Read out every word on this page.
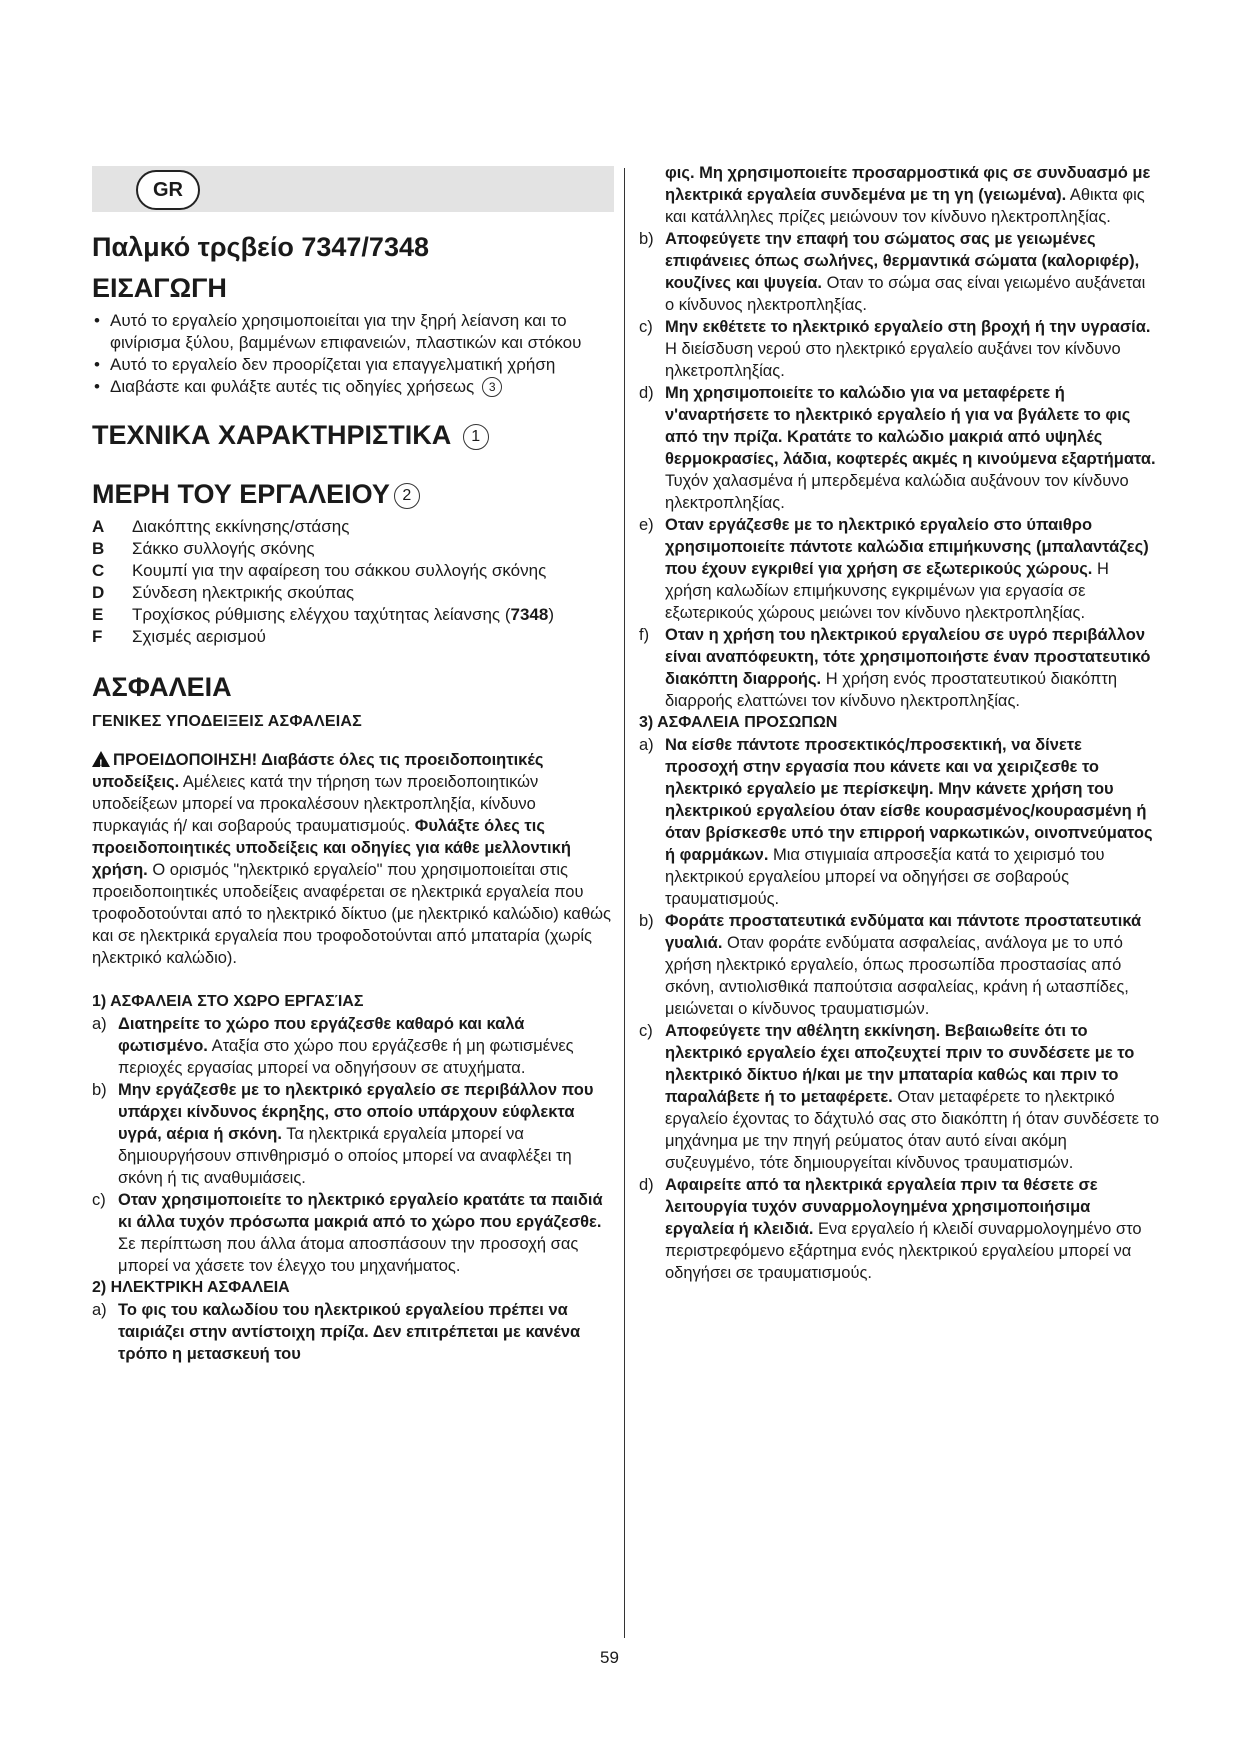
GR
Παλμκό τρςβείο 7347/7348
ΕΙΣΑΓΩΓΗ
• Αυτό το εργαλείο χρησιμοποιείται για την ξηρή λείανση και το φινίρισμα ξύλου, βαμμένων επιφανειών, πλαστικών και στόκου
• Αυτό το εργαλείο δεν προορίζεται για επαγγελματική χρήση
• Διαβάστε και φυλάξτε αυτές τις οδηγίες χρήσεως 3
ΤΕΧΝΙΚΑ ΧΑΡΑΚΤΗΡΙΣΤΙΚΑ 1
ΜΕΡΗ ΤΟΥ ΕΡΓΑΛΕΙΟΥ 2
A	Διακόπτης εκκίνησης/στάσης
B	Σάκκο συλλογής σκόνης
C	Κουμπί για την αφαίρεση του σάκκου συλλογής σκόνης
D	Σύνδεση ηλεκτρικής σκούπας
E	Τροχίσκος ρύθμισης ελέγχου ταχύτητας λείανσης (7348)
F	Σχισμές αερισμού
ΑΣΦΑΛΕΙΑ
ΓΕΝΙΚΕΣ ΥΠΟΔΕΙΞΕΙΣ ΑΣΦΑΛΕΙΑΣ

! ΠΡΟΕΙΔΟΠΟΙΗΣΗ! Διαβάστε όλες τις προειδοποιητικές υποδείξεις. Αμέλειες κατά την τήρηση των προειδοποιητικών υποδείξεων μπορεί να προκαλέσουν ηλεκτροπληξία, κίνδυνο πυρκαγιάς ή/ και σοβαρούς τραυματισμούς. Φυλάξτε όλες τις προειδοποιητικές υποδείξεις και οδηγίες για κάθε μελλοντική χρήση. Ο ορισμός "ηλεκτρικό εργαλείο" που χρησιμοποιείται στις προειδοποιητικές υποδείξεις αναφέρεται σε ηλεκτρικά εργαλεία που τροφοδοτούνται από το ηλεκτρικό δίκτυο (με ηλεκτρικό καλώδιο) καθώς και σε ηλεκτρικά εργαλεία που τροφοδοτούνται από μπαταρία (χωρίς ηλεκτρικό καλώδιο).

1) ΑΣΦΑΛΕΙΑ ΣΤΟ ΧΩΡΟ ΕΡΓΑΣΊΑΣ
a) Διατηρείτε το χώρο που εργάζεσθε καθαρό και καλά φωτισμένο. Αταξία στο χώρο που εργάζεσθε ή μη φωτισμένες περιοχές εργασίας μπορεί να οδηγήσουν σε ατυχήματα.
b) Μην εργάζεσθε με το ηλεκτρικό εργαλείο σε περιβάλλον που υπάρχει κίνδυνος έκρηξης, στο οποίο υπάρχουν εύφλεκτα υγρά, αέρια ή σκόνη. Τα ηλεκτρικά εργαλεία μπορεί να δημιουργήσουν σπινθηρισμό ο οποίος μπορεί να αναφλέξει τη σκόνη ή τις αναθυμιάσεις.
c) Οταν χρησιμοποιείτε το ηλεκτρικό εργαλείο κρατάτε τα παιδιά κι άλλα τυχόν πρόσωπα μακριά από το χώρο που εργάζεσθε. Σε περίπτωση που άλλα άτομα αποσπάσουν την προσοχή σας μπορεί να χάσετε τον έλεγχο του μηχανήματος.
2) ΗΛΕΚΤΡΙΚΗ ΑΣΦΑΛΕΙΑ
a) Το φις του καλωδίου του ηλεκτρικού εργαλείου πρέπει να ταιριάζει στην αντίστοιχη πρίζα. Δεν επιτρέπεται με κανένα τρόπο η μετασκευή του
φις. Μη χρησιμοποιείτε προσαρμοστικά φις σε συνδυασμό με ηλεκτρικά εργαλεία συνδεμένα με τη γη (γειωμένα). Αθικτα φις και κατάλληλες πρίζες μειώνουν τον κίνδυνο ηλεκτροπληξίας.
b) Αποφεύγετε την επαφή του σώματος σας με γειωμένες επιφάνειες όπως σωλήνες, θερμαντικά σώματα (καλοριφέρ), κουζίνες και ψυγεία. Οταν το σώμα σας είναι γειωμένο αυξάνεται ο κίνδυνος ηλεκτροπληξίας.
c) Μην εκθέτετε το ηλεκτρικό εργαλείο στη βροχή ή την υγρασία. Η διείσδυση νερού στο ηλεκτρικό εργαλείο αυξάνει τον κίνδυνο ηλκετροπληξίας.
d) Μη χρησιμοποιείτε το καλώδιο για να μεταφέρετε ή ν'αναρτήσετε το ηλεκτρικό εργαλείο ή για να βγάλετε το φις από την πρίζα. Κρατάτε το καλώδιο μακριά από υψηλές θερμοκρασίες, λάδια, κοφτερές ακμές η κινούμενα εξαρτήματα. Τυχόν χαλασμένα ή μπερδεμένα καλώδια αυξάνουν τον κίνδυνο ηλεκτροπληξίας.
e) Οταν εργάζεσθε με το ηλεκτρικό εργαλείο στο ύπαιθρο χρησιμοποιείτε πάντοτε καλώδια επιμήκυνσης (μπαλαντάζες) που έχουν εγκριθεί για χρήση σε εξωτερικούς χώρους. Η χρήση καλωδίων επιμήκυνσης εγκριμένων για εργασία σε εξωτερικούς χώρους μειώνει τον κίνδυνο ηλεκτροπληξίας.
f) Οταν η χρήση του ηλεκτρικού εργαλείου σε υγρό περιβάλλον είναι αναπόφευκτη, τότε χρησιμοποιήστε έναν προστατευτικό διακόπτη διαρροής. Η χρήση ενός προστατευτικού διακόπτη διαρροής ελαττώνει τον κίνδυνο ηλεκτροπληξίας.
3) ΑΣΦΑΛΕΙΑ ΠΡΟΣΩΠΩΝ
a) Να είσθε πάντοτε προσεκτικός/προσεκτική, να δίνετε προσοχή στην εργασία που κάνετε και να χειριζεσθε το ηλεκτρικό εργαλείο με περίσκεψη. Μην κάνετε χρήση του ηλεκτρικού εργαλείου όταν είσθε κουρασμένος/κουρασμένη ή όταν βρίσκεσθε υπό την επιρροή ναρκωτικών, οινοπνεύματος ή φαρμάκων. Μια στιγμιαία απροσεξία κατά το χειρισμό του ηλεκτρικού εργαλείου μπορεί να οδηγήσει σε σοβαρούς τραυματισμούς.
b) Φοράτε προστατευτικά ενδύματα και πάντοτε προστατευτικά γυαλιά. Οταν φοράτε ενδύματα ασφαλείας, ανάλογα με το υπό χρήση ηλεκτρικό εργαλείο, όπως προσωπίδα προστασίας από σκόνη, αντιολισθικά παπούτσια ασφαλείας, κράνη ή ωτασπίδες, μειώνεται ο κίνδυνος τραυματισμών.
c) Αποφεύγετε την αθέλητη εκκίνηση. Βεβαιωθείτε ότι το ηλεκτρικό εργαλείο έχει αποζευχτεί πριν το συνδέσετε με το ηλεκτρικό δίκτυο ή/και με την μπαταρία καθώς και πριν το παραλάβετε ή το μεταφέρετε. Οταν μεταφέρετε το ηλεκτρικό εργαλείο έχοντας το δάχτυλό σας στο διακόπτη ή όταν συνδέσετε το μηχάνημα με την πηγή ρεύματος όταν αυτό είναι ακόμη συζευγμένο, τότε δημιουργείται κίνδυνος τραυματισμών.
d) Αφαιρείτε από τα ηλεκτρικά εργαλεία πριν τα θέσετε σε λειτουργία τυχόν συναρμολογημένα χρησιμοποιήσιμα εργαλεία ή κλειδιά. Ενα εργαλείο ή κλειδί συναρμολογημένο στο περιστρεφόμενο εξάρτημα ενός ηλεκτρικού εργαλείου μπορεί να οδηγήσει σε τραυματισμούς.
59
